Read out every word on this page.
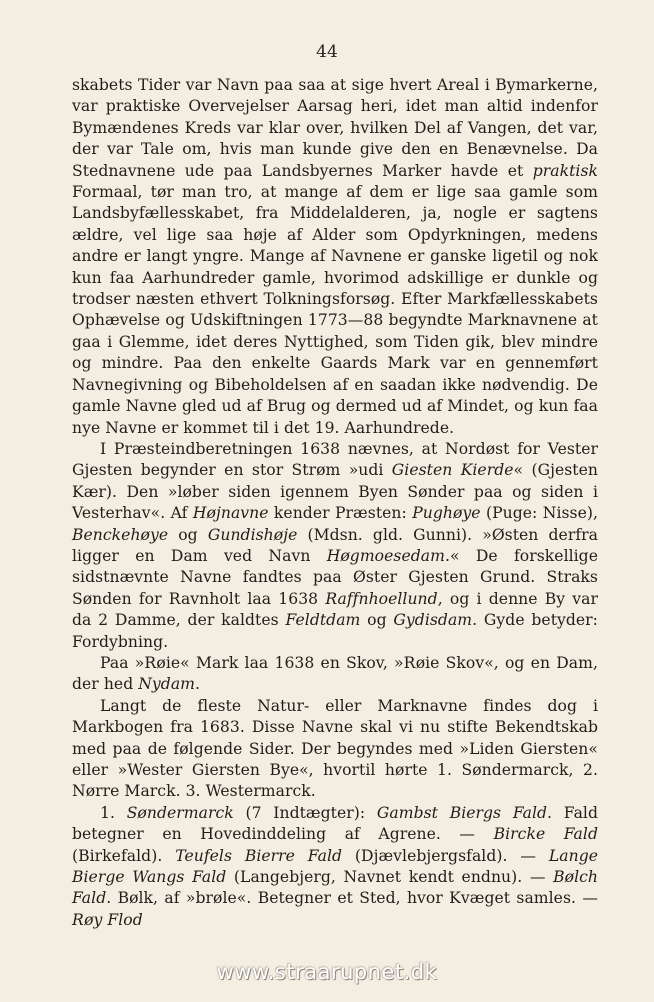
44

skabets Tider var Navn paa saa at sige hvert Areal i Bymarkerne, var praktiske Overvejelser Aarsag heri, idet man altid indenfor Bymændenes Kreds var klar over, hvilken Del af Vangen, det var, der var Tale om, hvis man kunde give den en Benævnelse. Da Stednavnene ude paa Landsbyernes Marker havde et praktisk Formaal, tør man tro, at mange af dem er lige saa gamle som Landsbyfællesskabet, fra Middelalderen, ja, nogle er sagtens ældre, vel lige saa høje af Alder som Opdyrkningen, medens andre er langt yngre. Mange af Navnene er ganske ligetil og nok kun faa Aarhundreder gamle, hvorimod adskillige er dunkle og trodser næsten ethvert Tolkningsforsøg. Efter Markfællesskabets Ophævelse og Udskiftningen 1773—88 begyndte Marknavnene at gaa i Glemme, idet deres Nyttighed, som Tiden gik, blev mindre og mindre. Paa den enkelte Gaards Mark var en gennemført Navnegivning og Bibeholdelsen af en saadan ikke nødvendig. De gamle Navne gled ud af Brug og dermed ud af Mindet, og kun faa nye Navne er kommet til i det 19. Aarhundrede.

I Præsteindberetningen 1638 nævnes, at Nordøst for Vester Gjesten begynder en stor Strøm »udi Giesten Kierde« (Gjesten Kær). Den »løber siden igennem Byen Sønder paa og siden i Vesterhav«. Af Højnavne kender Præsten: Pughøye (Puge: Nisse), Benckehøye og Gundishøje (Mdsn. gld. Gunni). »Østen derfra ligger en Dam ved Navn Høgmoesedam.« De forskellige sidstnævnte Navne fandtes paa Øster Gjesten Grund. Straks Sønden for Ravnholt laa 1638 Raffnhoellund, og i denne By var da 2 Damme, der kaldtes Feldtdam og Gydisdam. Gyde betyder: Fordybning.

Paa »Røie« Mark laa 1638 en Skov, »Røie Skov«, og en Dam, der hed Nydam.

Langt de fleste Natur- eller Marknavne findes dog i Markbogen fra 1683. Disse Navne skal vi nu stifte Bekendtskab med paa de følgende Sider. Der begyndes med »Liden Giersten« eller »Wester Giersten Bye«, hvortil hørte 1. Søndermarck, 2. Nørre Marck. 3. Westermarck.

1. Søndermarck (7 Indtægter): Gambst Biergs Fald. Fald betegner en Hovedinddeling af Agrene. — Bircke Fald (Birkefald). Teufels Bierre Fald (Djævlebjergsfald). — Lange Bierge Wangs Fald (Langebjerg, Navnet kendt endnu). — Bølch Fald. Bølk, af »brøle«. Betegner et Sted, hvor Kvæget samles. — Røy Flod

www.straarupnet.dk
